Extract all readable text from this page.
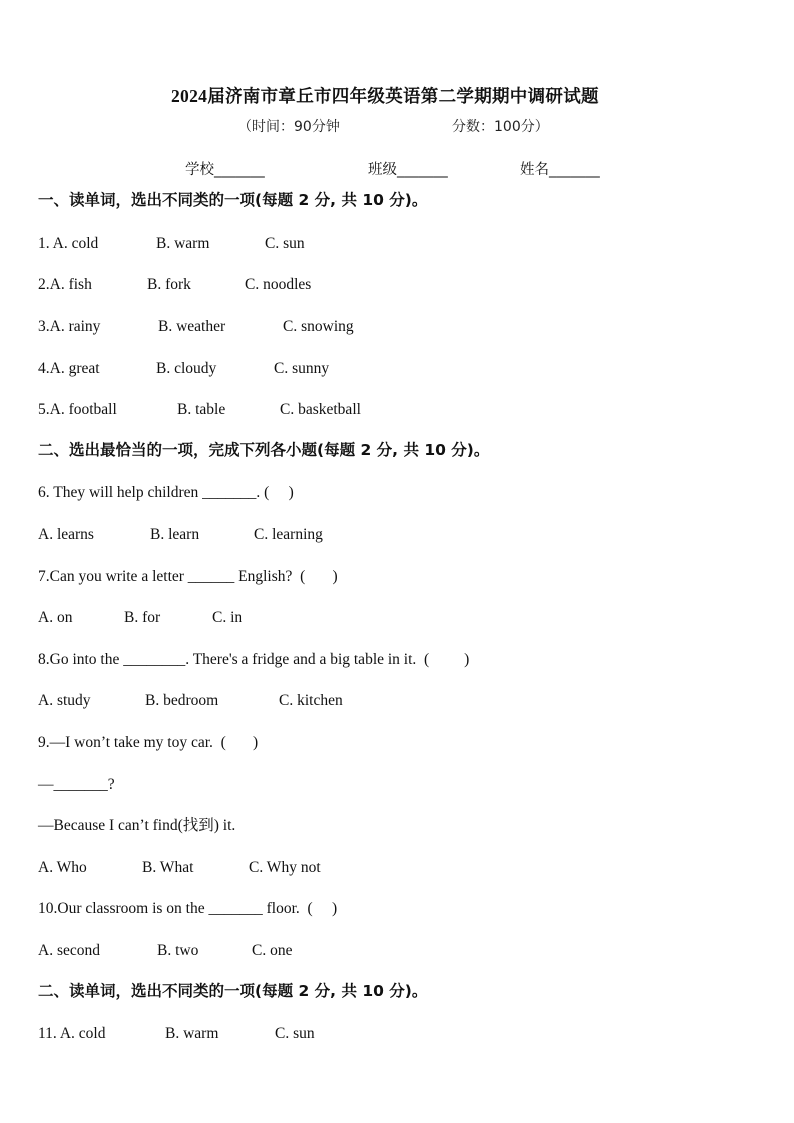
2024届济南市章丘市四年级英语第二学期期中调研试题
（时间：90分钟	分数：100分）
学校_______	班级_______	姓名_______
一、读单词，选出不同类的一项(每题 2 分, 共 10 分)。
1. A. cold	B. warm	C. sun
2.A. fish	B. fork	C. noodles
3.A. rainy	B. weather	C. snowing
4.A. great	B. cloudy	C. sunny
5.A. football	B. table	C. basketball
二、选出最恰当的一项，完成下列各小题(每题 2 分, 共 10 分)。
6. They will help children _______. (     )
A. learns	B. learn	C. learning
7.Can you write a letter ______ English?  (       )
A. on	B. for	C. in
8.Go into the ________. There's a fridge and a big table in it.  (         )
A. study	B. bedroom	C. kitchen
9.—I won’t take my toy car.  (       )
—_______?
—Because I can’t find(找到) it.
A. Who	B. What	C. Why not
10.Our classroom is on the _______ floor.  (     )
A. second	B. two	C. one
二、读单词，选出不同类的一项(每题 2 分, 共 10 分)。
11. A. cold	B. warm	C. sun
